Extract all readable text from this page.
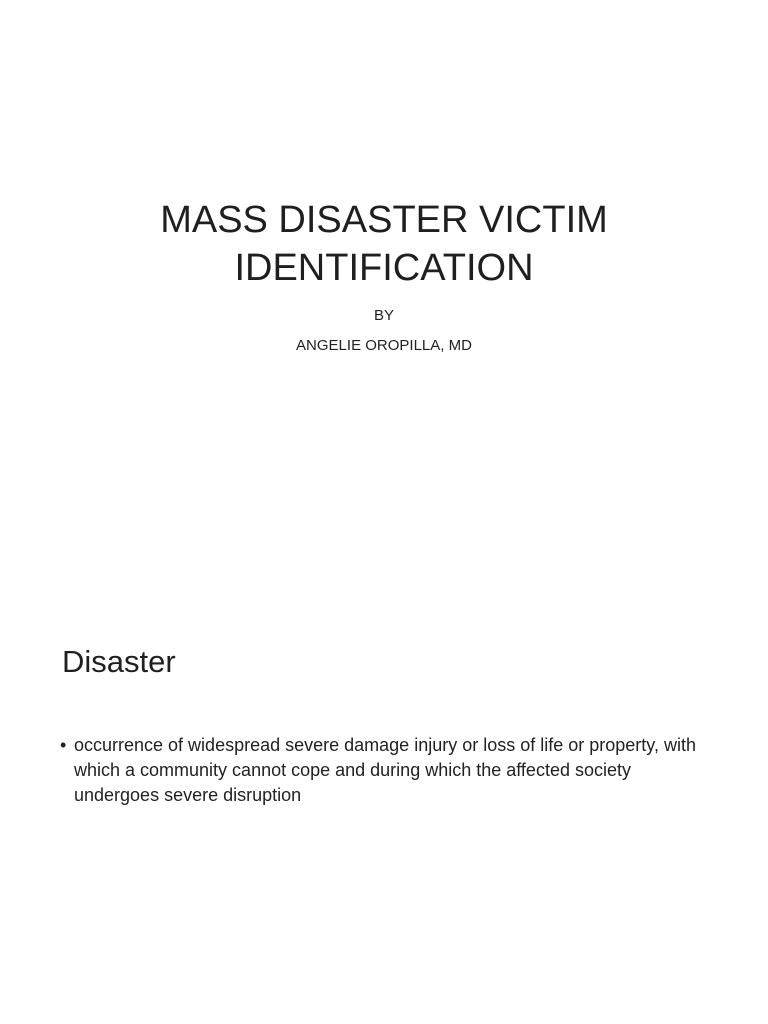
MASS DISASTER VICTIM
IDENTIFICATION
BY
ANGELIE OROPILLA, MD
Disaster
• occurrence of widespread severe damage injury or loss of life or property, with which a community cannot cope and during which the affected society undergoes severe disruption
